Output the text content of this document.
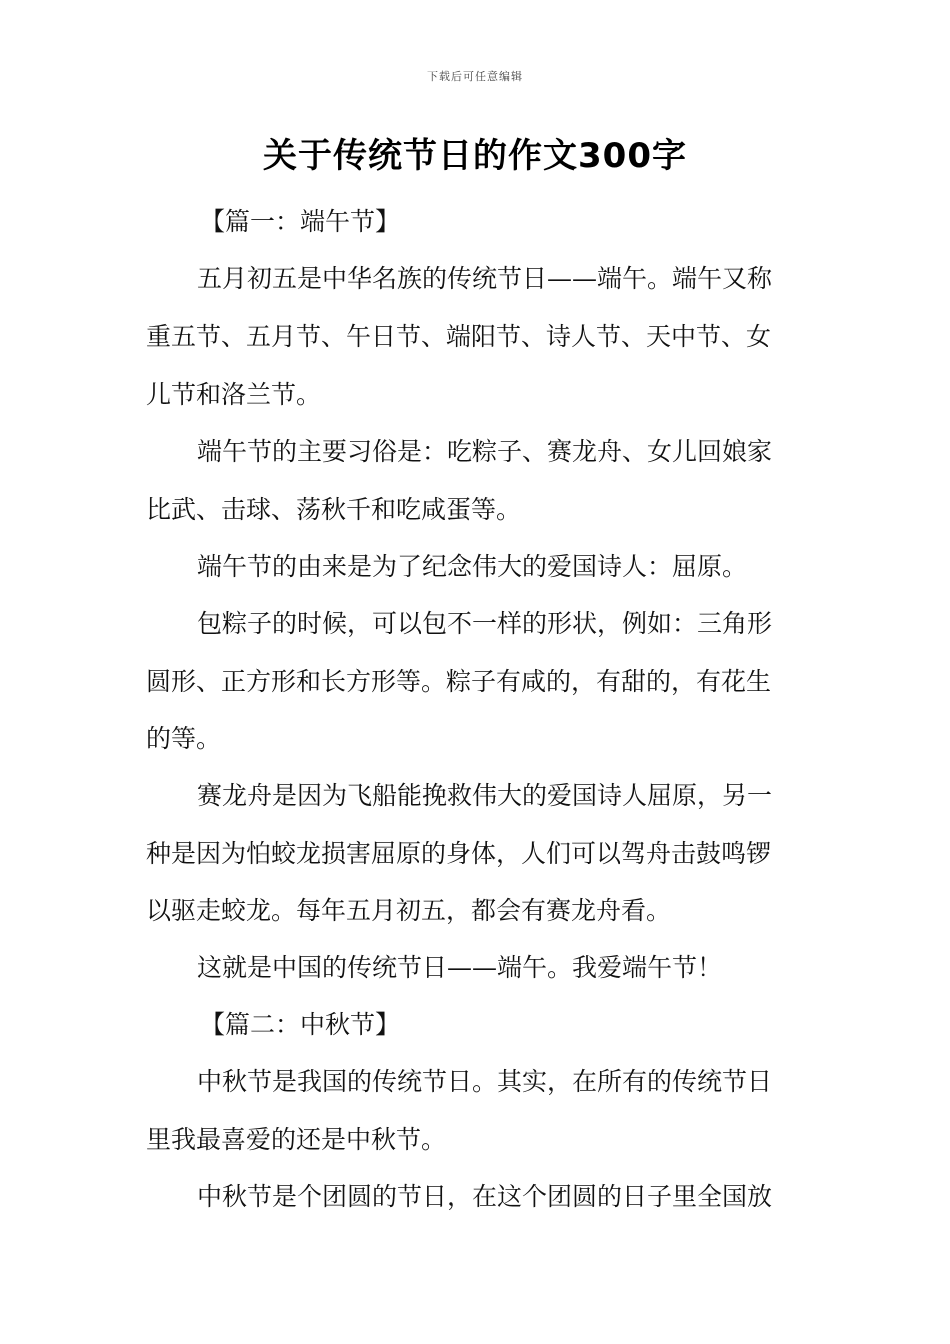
下载后可任意编辑
关于传统节日的作文300字
【篇一：端午节】
五月初五是中华名族的传统节日——端午。端午又称
重五节、五月节、午日节、端阳节、诗人节、天中节、女
儿节和洛兰节。
端午节的主要习俗是：吃粽子、赛龙舟、女儿回娘家
比武、击球、荡秋千和吃咸蛋等。
端午节的由来是为了纪念伟大的爱国诗人：屈原。
包粽子的时候，可以包不一样的形状，例如：三角形
圆形、正方形和长方形等。粽子有咸的，有甜的，有花生
的等。
赛龙舟是因为飞船能挽救伟大的爱国诗人屈原，另一
种是因为怕蛟龙损害屈原的身体，人们可以驾舟击鼓鸣锣
以驱走蛟龙。每年五月初五，都会有赛龙舟看。
这就是中国的传统节日——端午。我爱端午节！
【篇二：中秋节】
中秋节是我国的传统节日。其实，在所有的传统节日
里我最喜爱的还是中秋节。
中秋节是个团圆的节日，在这个团圆的日子里全国放
